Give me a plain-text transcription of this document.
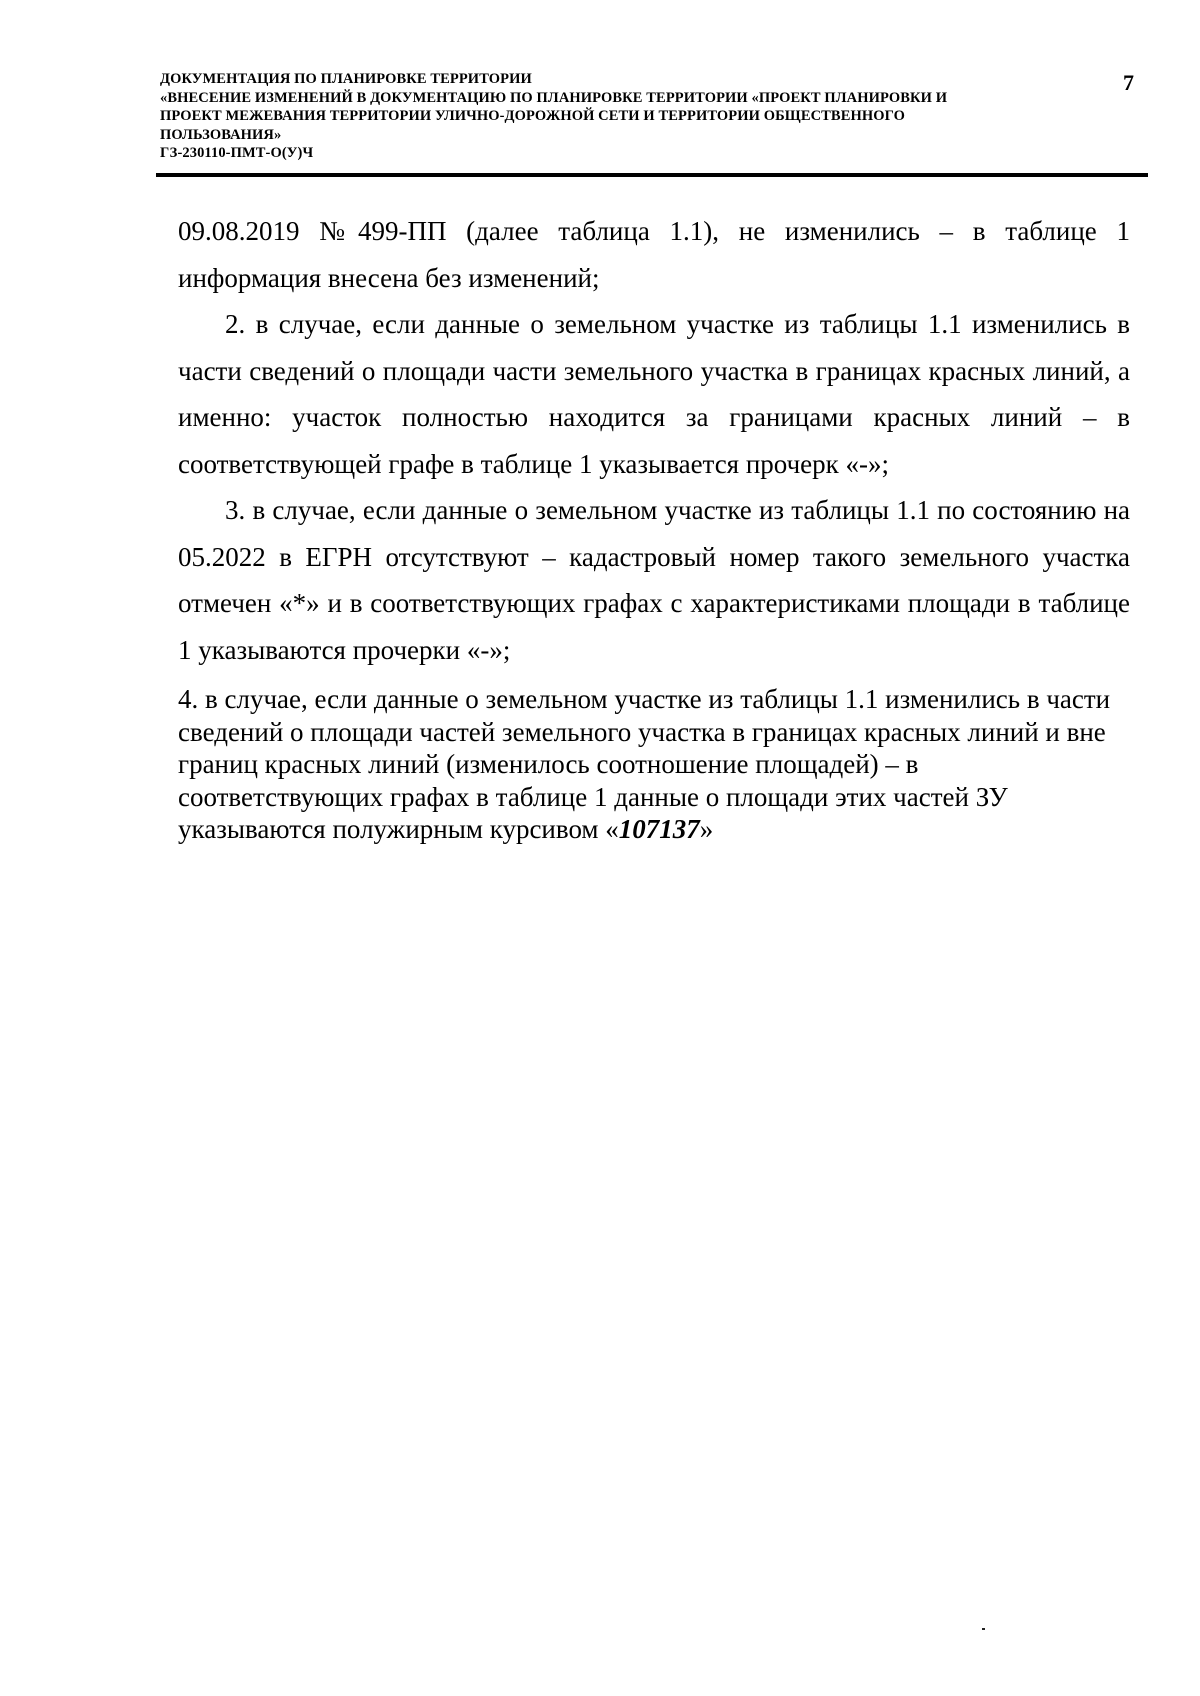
ДОКУМЕНТАЦИЯ ПО ПЛАНИРОВКЕ ТЕРРИТОРИИ
«ВНЕСЕНИЕ ИЗМЕНЕНИЙ В ДОКУМЕНТАЦИЮ ПО ПЛАНИРОВКЕ ТЕРРИТОРИИ «ПРОЕКТ ПЛАНИРОВКИ И
ПРОЕКТ МЕЖЕВАНИЯ ТЕРРИТОРИИ УЛИЧНО-ДОРОЖНОЙ СЕТИ И ТЕРРИТОРИИ ОБЩЕСТВЕННОГО
ПОЛЬЗОВАНИЯ»
ГЗ-230110-ПМТ-О(У)Ч
7

09.08.2019 №499-ПП (далее таблица 1.1), не изменились – в таблице 1 информация внесена без изменений;

2. в случае, если данные о земельном участке из таблицы 1.1 изменились в части сведений о площади части земельного участка в границах красных линий, а именно: участок полностью находится за границами красных линий – в соответствующей графе в таблице 1 указывается прочерк «-»;

3. в случае, если данные о земельном участке из таблицы 1.1 по состоянию на 05.2022 в ЕГРН отсутствуют – кадастровый номер такого земельного участка отмечен «*» и в соответствующих графах с характеристиками площади в таблице 1 указываются прочерки «-»;

4. в случае, если данные о земельном участке из таблицы 1.1 изменились в части сведений о площади частей земельного участка в границах красных линий и вне границ красных линий (изменилось соотношение площадей) – в соответствующих графах в таблице 1 данные о площади этих частей ЗУ указываются полужирным курсивом «107137»
